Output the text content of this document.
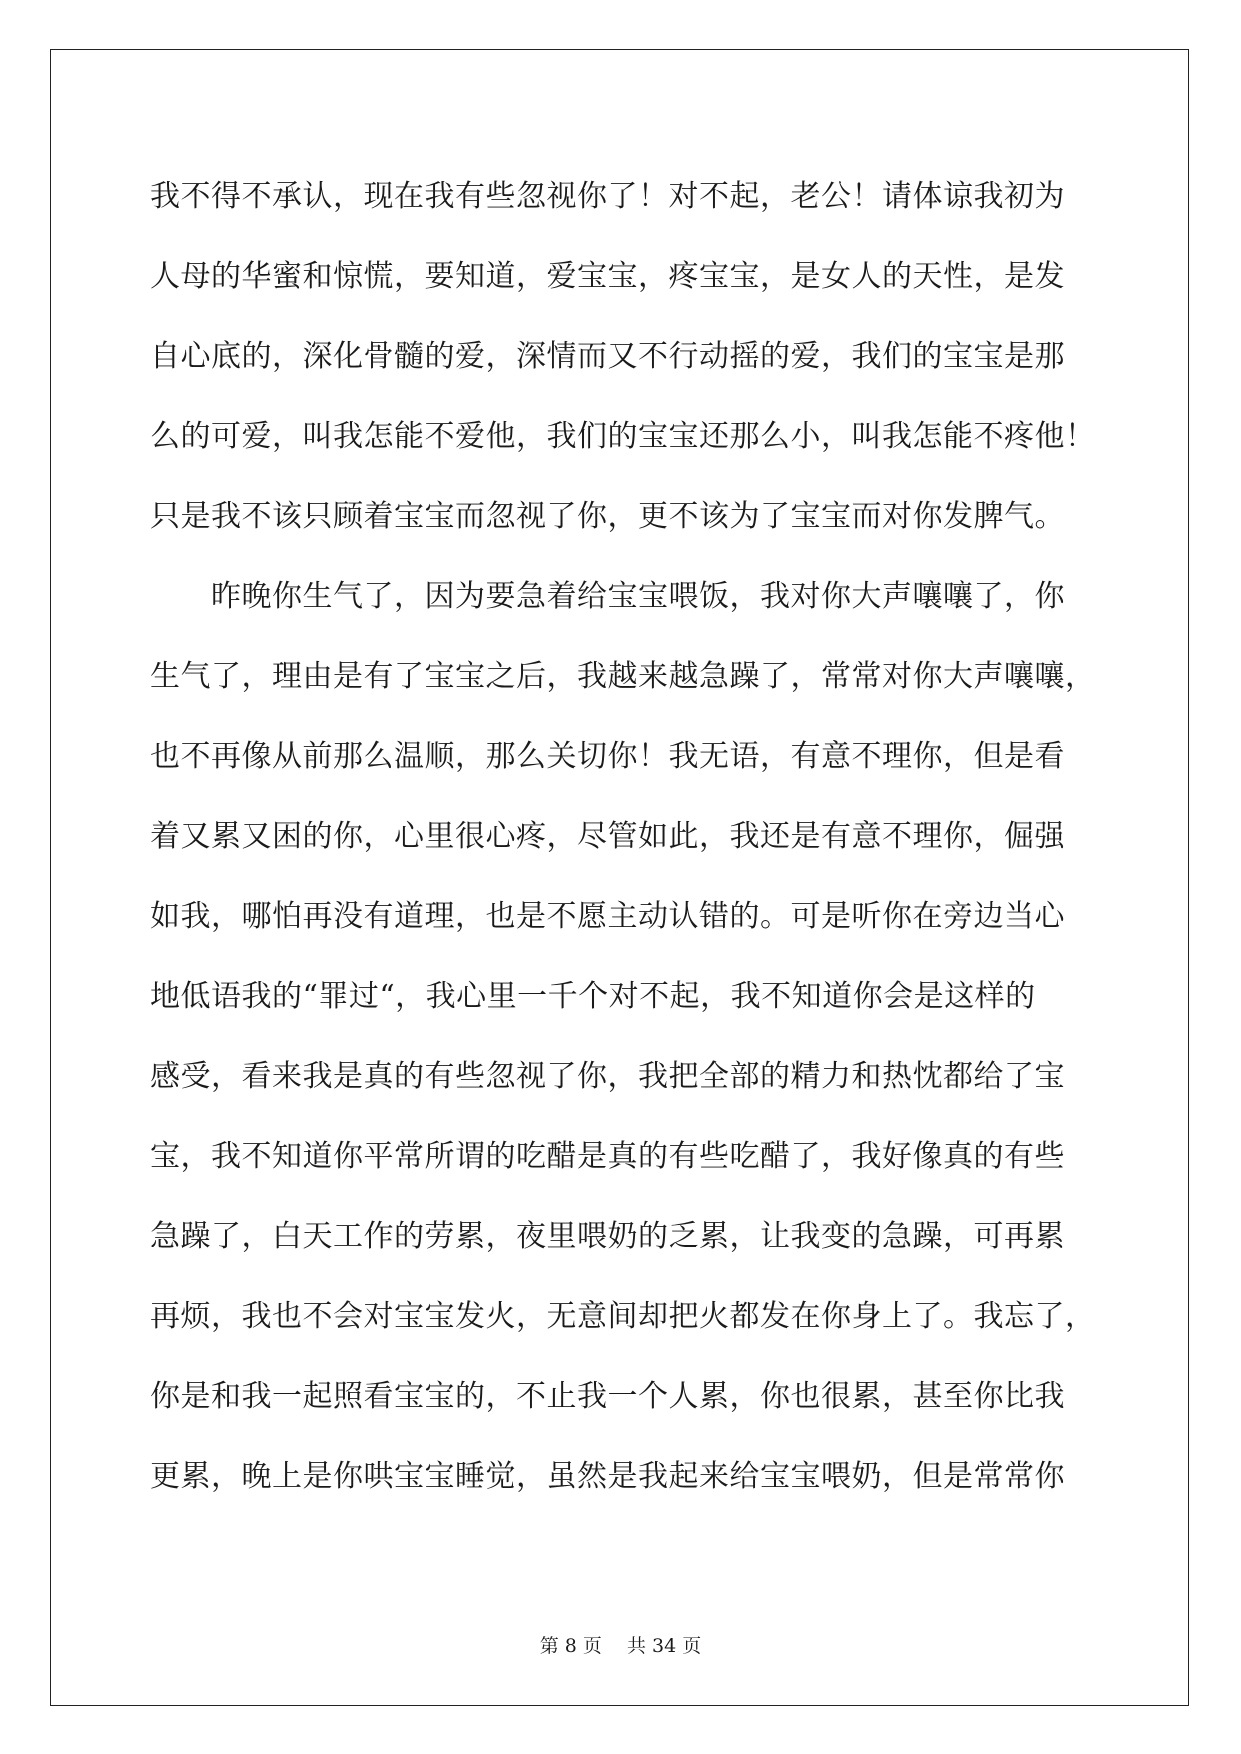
我不得不承认，现在我有些忽视你了！对不起，老公！请体谅我初为
人母的华蜜和惊慌，要知道，爱宝宝，疼宝宝，是女人的天性，是发
自心底的，深化骨髓的爱，深情而又不行动摇的爱，我们的宝宝是那
么的可爱，叫我怎能不爱他，我们的宝宝还那么小，叫我怎能不疼他！
只是我不该只顾着宝宝而忽视了你，更不该为了宝宝而对你发脾气。
　　昨晚你生气了，因为要急着给宝宝喂饭，我对你大声嚷嚷了，你
生气了，理由是有了宝宝之后，我越来越急躁了，常常对你大声嚷嚷，
也不再像从前那么温顺，那么关切你！我无语，有意不理你，但是看
着又累又困的你，心里很心疼，尽管如此，我还是有意不理你，倔强
如我，哪怕再没有道理，也是不愿主动认错的。可是听你在旁边当心
地低语我的“罪过“，我心里一千个对不起，我不知道你会是这样的
感受，看来我是真的有些忽视了你，我把全部的精力和热忱都给了宝
宝，我不知道你平常所谓的吃醋是真的有些吃醋了，我好像真的有些
急躁了，白天工作的劳累，夜里喂奶的乏累，让我变的急躁，可再累
再烦，我也不会对宝宝发火，无意间却把火都发在你身上了。我忘了，
你是和我一起照看宝宝的，不止我一个人累，你也很累，甚至你比我
更累，晚上是你哄宝宝睡觉，虽然是我起来给宝宝喂奶，但是常常你
第 8 页　 共 34 页
